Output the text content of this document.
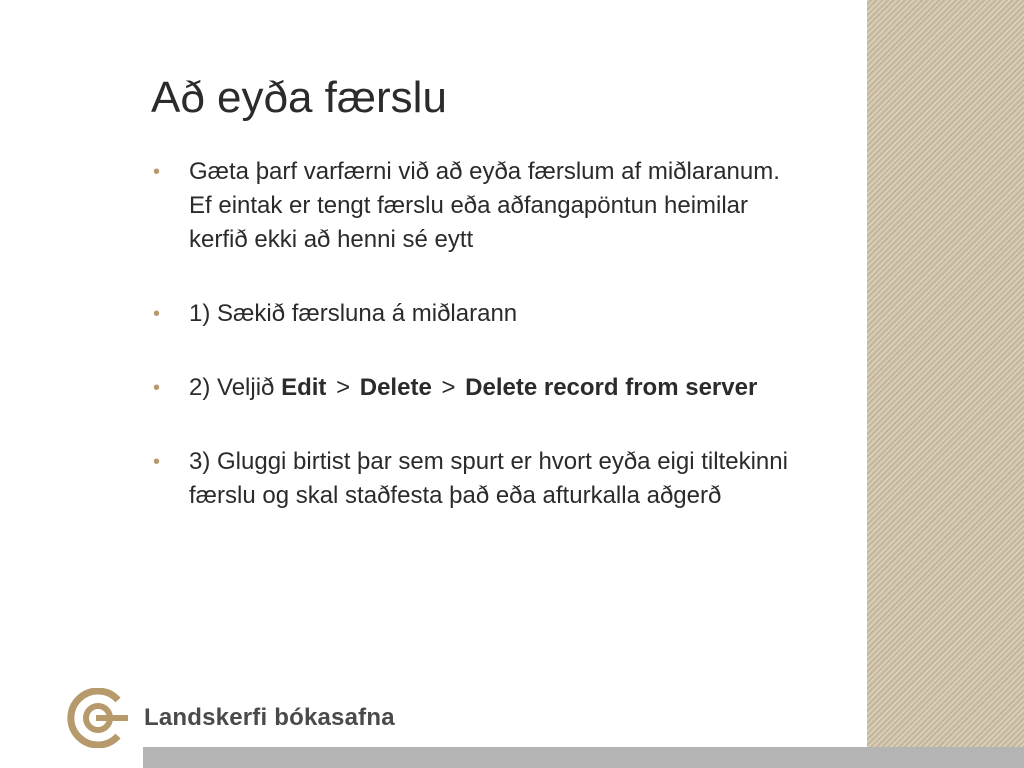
Að eyða færslu
• Gæta þarf varfærni við að eyða færslum af miðlaranum. Ef eintak er tengt færslu eða aðfangapöntun heimilar kerfið ekki að henni sé eytt
• 1) Sækið færsluna á miðlarann
• 2) Veljið Edit > Delete > Delete record from server
• 3) Gluggi birtist þar sem spurt er hvort eyða eigi tiltekinni færslu og skal staðfesta það eða afturkalla aðgerð
Landskerfi bókasafna
